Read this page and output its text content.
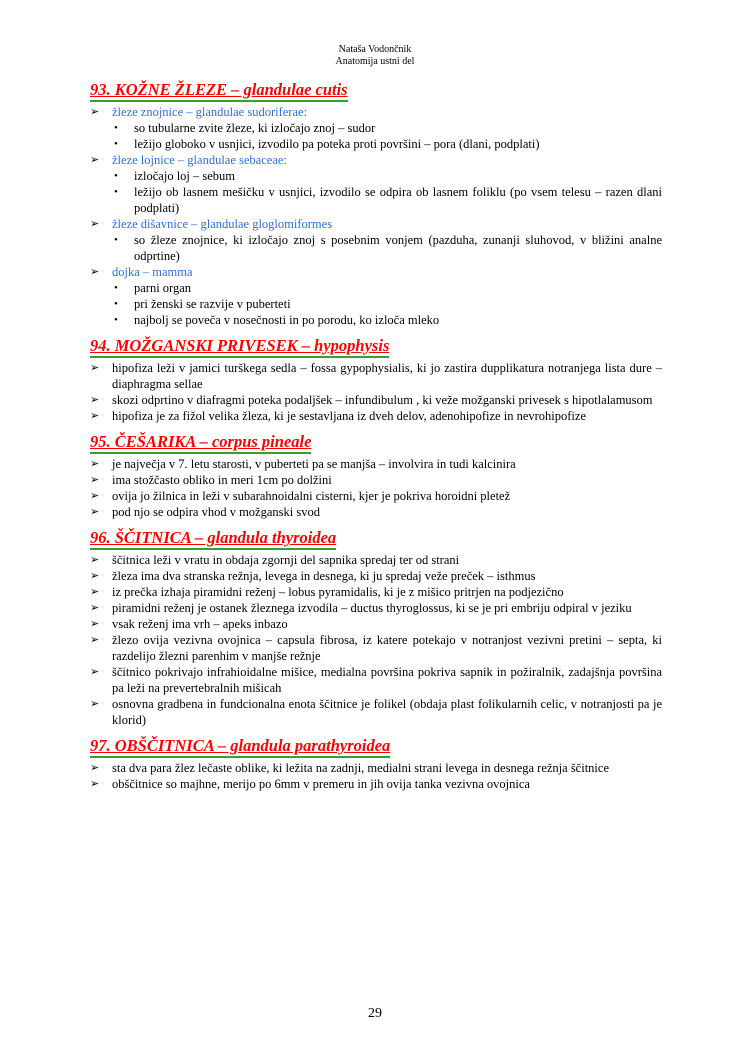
Nataša Vodončnik
Anatomija ustni del
93. KOŽNE ŽLEZE – glandulae cutis
➢ žleze znojnice – glandulae sudoriferae:
• so tubularne zvite žleze, ki izločajo znoj – sudor
• ležijo globoko v usnjici, izvodilo pa poteka proti površini – pora (dlani, podplati)
➢ žleze lojnice – glandulae sebaceae:
• izločajo loj – sebum
• ležijo ob lasnem mešičku v usnjici, izvodilo se odpira ob lasnem foliklu (po vsem telesu – razen dlani podplati)
➢ žleze dišavnice – glandulae gloglomiformes
• so žleze znojnice, ki izločajo znoj s posebnim vonjem (pazduha, zunanji sluhovod, v bližini analne odprtine)
➢ dojka – mamma
• parni organ
• pri ženski se razvije v puberteti
• najbolj se poveča v nosečnosti in po porodu, ko izloča mleko
94. MOŽGANSKI PRIVESEK – hypophysis
➢ hipofiza leži v jamici turškega sedla – fossa gypophysialis, ki jo zastira dupplikatura notranjega lista dure – diaphragma sellae
➢ skozi odprtino v diafragmi poteka podaljšek – infundibulum , ki veže možganski privesek s hipotlalamusom
➢ hipofiza je za fižol velika žleza, ki je sestavljana iz dveh delov, adenohipofize in nevrohipofize
95. ČEŠARIKA – corpus pineale
➢ je največja v 7. letu starosti, v puberteti pa se manjša – involvira in tudi kalcinira
➢ ima stožčasto obliko in meri 1cm po dolžini
➢ ovija jo žilnica in leži v subarahnoidalni cisterni, kjer je pokriva horoidni pletež
➢ pod njo se odpira vhod v možganski svod
96. ŠČITNICA – glandula thyroidea
➢ ščitnica leži v vratu in obdaja zgornji del sapnika spredaj ter od strani
➢ žleza ima dva stranska režnja, levega in desnega, ki ju spredaj veže preček – isthmus
➢ iz prečka izhaja piramidni reženj – lobus pyramidalis, ki je z mišico pritrjen na podjezično
➢ piramidni reženj je ostanek žleznega izvodila – ductus thyroglossus, ki se je pri embriju odpiral v jeziku
➢ vsak reženj ima vrh – apeks inbazo
➢ žlezo ovija vezivna ovojnica – capsula fibrosa, iz katere potekajo v notranjost vezivni pretini – septa, ki razdelijo žlezni parenhim v manjše režnje
➢ ščitnico pokrivajo infrahioidalne mišice, medialna površina pokriva sapnik in požiralnik, zadajšnja površina pa leži na prevertebralnih mišicah
➢ osnovna gradbena in fundcionalna enota ščitnice je folikel (obdaja plast folikularnih celic, v notranjosti pa je klorid)
97. OBŠČITNICA – glandula parathyroidea
➢ sta dva para žlez lečaste oblike, ki ležita na zadnji, medialni strani levega in desnega režnja ščitnice
➢ obščitnice so majhne, merijo po 6mm v premeru in jih ovija tanka vezivna ovojnica
29
